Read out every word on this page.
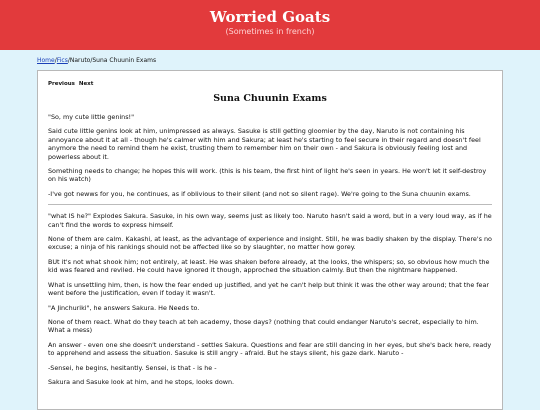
Worried Goats
(Sometimes in french)
Home/Fics/Naruto/Suna Chuunin Exams
Previous Next
Suna Chuunin Exams

"So, my cute little genins!"

Said cute little genins look at him, unimpressed as always. Sasuke is still getting gloomier by the day, Naruto is not containing his annoyance about it at all - though he's calmer with him and Sakura; at least he's starting to feel secure in their regard and doesn't feel anymore the need to remind them he exist, trusting them to remember him on their own - and Sakura is obviously feeling lost and powerless about it.

Something needs to change; he hopes this will work. (this is his team, the first hint of light he's seen in years. He won't let it self-destroy on his watch)

-I've got newws for you, he continues, as if oblivious to their silent (and not so silent rage). We're going to the Suna chuunin exams.

"what IS he?" Explodes Sakura. Sasuke, in his own way, seems just as likely too. Naruto hasn't said a word, but in a very loud way, as if he can't find the words to express himself.

None of them are calm. Kakashi, at least, as the advantage of experience and insight. Still, he was badly shaken by the display. There's no excuse; a ninja of his rankings should not be affected like so by slaughter, no matter how gorey.

BUt it's not what shook him; not entirely, at least. He was shaken before already, at the looks, the whispers; so, so obvious how much the kid was feared and reviled. He could have ignored it though, approched the situation calmly. But then the nightmare happened.

What is unsettling him, then, is how the fear ended up justified, and yet he can't help but think it was the other way around; that the fear went before the justification, even if today it wasn't.

"A Jinchuriki", he answers Sakura. He Needs to.

None of them react. What do they teach at teh academy, those days? (nothing that could endanger Naruto's secret, especially to him. What a mess)

An answer - even one she doesn't understand - settles Sakura. Questions and fear are still dancing in her eyes, but she's back here, ready to apprehend and assess the situation. Sasuke is still angry - afraid. But he stays silent, his gaze dark. Naruto -

-Sensei, he begins, hesitantly. Sensei, is that - is he -

Sakura and Sasuke look at him, and he stops, looks down.
